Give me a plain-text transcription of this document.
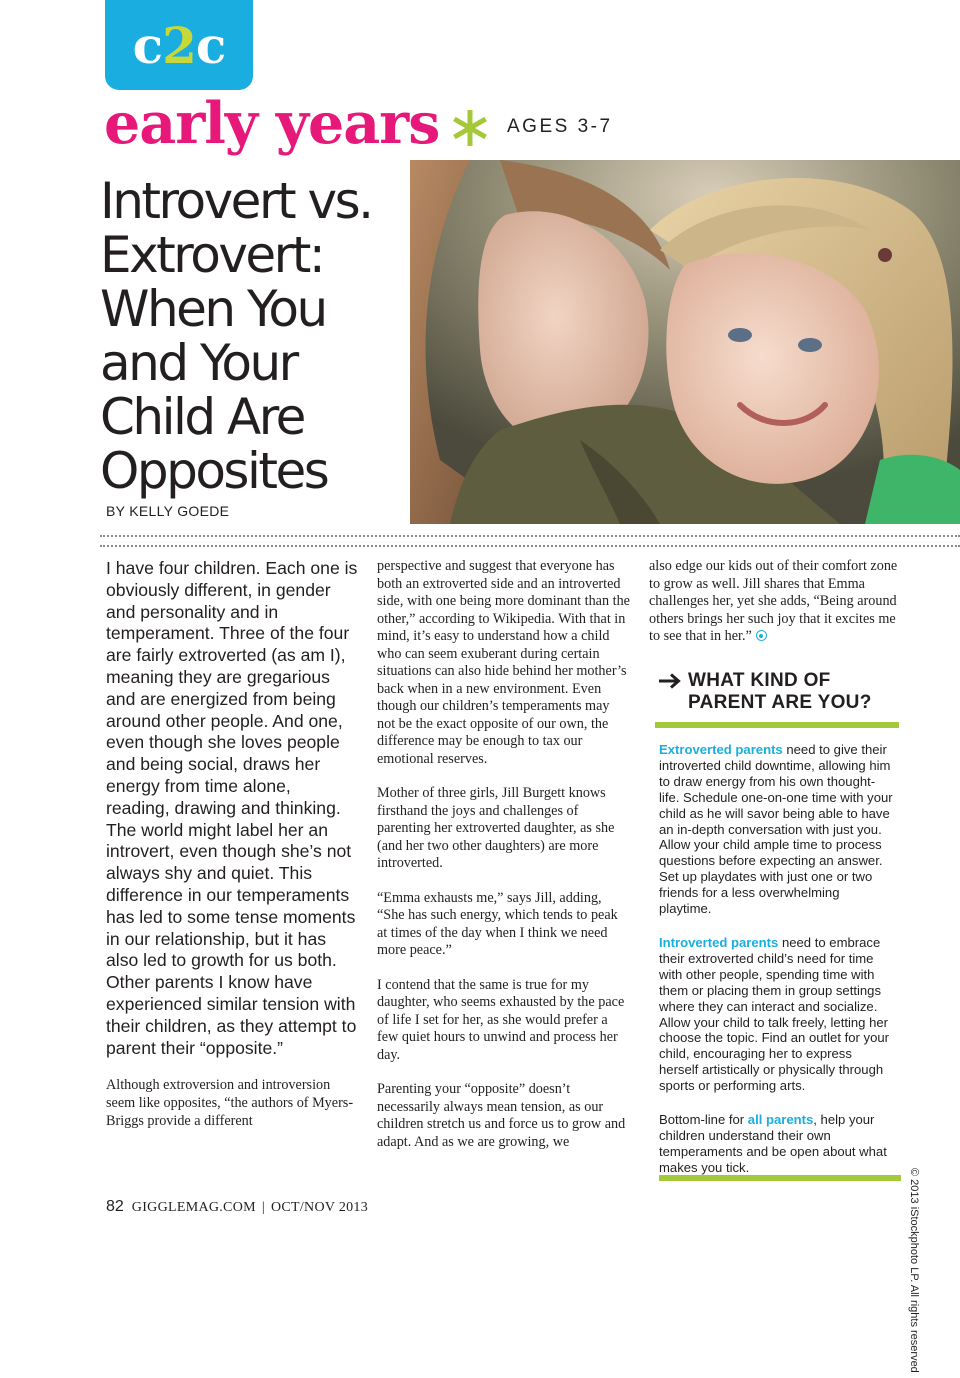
c2c
early years	AGES 3-7
Introvert vs.
Extrovert:
When You
and Your
Child Are
Opposites
BY KELLY GOEDE

I have four children. Each one is obviously different, in gender and personality and in temperament. Three of the four are fairly extroverted (as am I), meaning they are gregarious and are energized from being around other people. And one, even though she loves people and being social, draws her energy from time alone, reading, drawing and thinking. The world might label her an introvert, even though she’s not always shy and quiet. This difference in our temperaments has led to some tense moments in our relationship, but it has also led to growth for us both. Other parents I know have experienced similar tension with their children, as they attempt to parent their “opposite.”

Although extroversion and introversion seem like opposites, “the authors of Myers-Briggs provide a different

perspective and suggest that everyone has both an extroverted side and an introverted side, with one being more dominant than the other,” according to Wikipedia. With that in mind, it’s easy to understand how a child who can seem exuberant during certain situations can also hide behind her mother’s back when in a new environment. Even though our children’s temperaments may not be the exact opposite of our own, the difference may be enough to tax our emotional reserves.

Mother of three girls, Jill Burgett knows firsthand the joys and challenges of parenting her extroverted daughter, as she (and her two other daughters) are more introverted.

“Emma exhausts me,” says Jill, adding, “She has such energy, which tends to peak at times of the day when I think we need more peace.”

I contend that the same is true for my daughter, who seems exhausted by the pace of life I set for her, as she would prefer a few quiet hours to unwind and process her day.

Parenting your “opposite” doesn’t necessarily always mean tension, as our children stretch us and force us to grow and adapt. And as we are growing, we

also edge our kids out of their comfort zone to grow as well. Jill shares that Emma challenges her, yet she adds, “Being around others brings her such joy that it excites me to see that in her.”

WHAT KIND OF
PARENT ARE YOU?

Extroverted parents need to give their introverted child downtime, allowing him to draw energy from his own thought-life. Schedule one-on-one time with your child as he will savor being able to have an in-depth conversation with just you. Allow your child ample time to process questions before expecting an answer. Set up playdates with just one or two friends for a less overwhelming playtime.

Introverted parents need to embrace their extroverted child’s need for time with other people, spending time with them or placing them in group settings where they can interact and socialize. Allow your child to talk freely, letting her choose the topic. Find an outlet for your child, encouraging her to express herself artistically or physically through sports or performing arts.

Bottom-line for all parents, help your children understand their own temperaments and be open about what makes you tick.

© 2013 iStockphoto LP. All rights reserved
82 GIGGLEMAG.COM | OCT/NOV 2013
